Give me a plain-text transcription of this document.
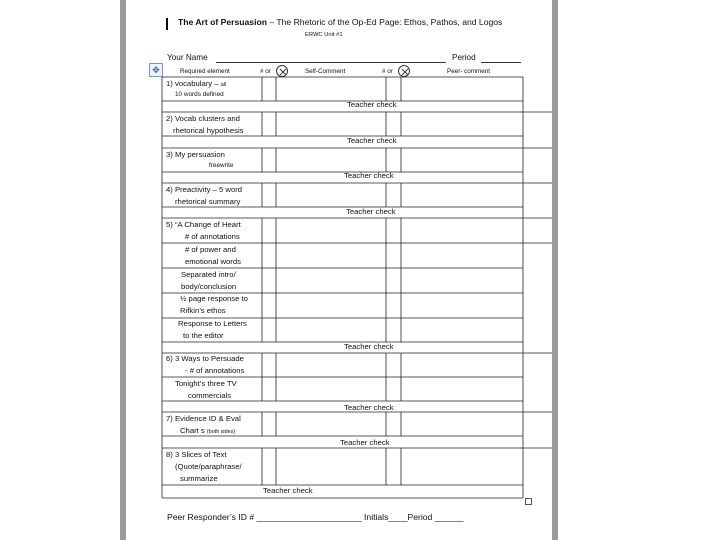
The Art of Persuasion – The Rhetoric of the Op-Ed Page: Ethos, Pathos, and Logos
ERWC Unit #1
Your Name	Period
✥	Required element	# or	Self-Comment	# or	Peer- comment
1) vocabulary – all
10 words defined
Teacher check
2) Vocab clusters and
rhetorical hypothesis
Teacher check
3) My persuasion
freewrite
Teacher check
4) Preactivity – 5 word
rhetorical summary
Teacher check
5) “A Change of Heart
# of annotations
# of power and
emotional words
Separated intro/
body/conclusion
½ page response to
Rifkin’s ethos
Response to Letters
to the editor
Teacher check
6) 3 Ways to Persuade
- # of annotations
Tonight’s three TV
commercials
Teacher check
7) Evidence ID & Eval
Chart s (both sides)
Teacher check
8) 3 Slices of Text
(Quote/paraphrase/
summarize
Teacher check
Peer Responder’s ID # ______________________ Initials____Period ______
